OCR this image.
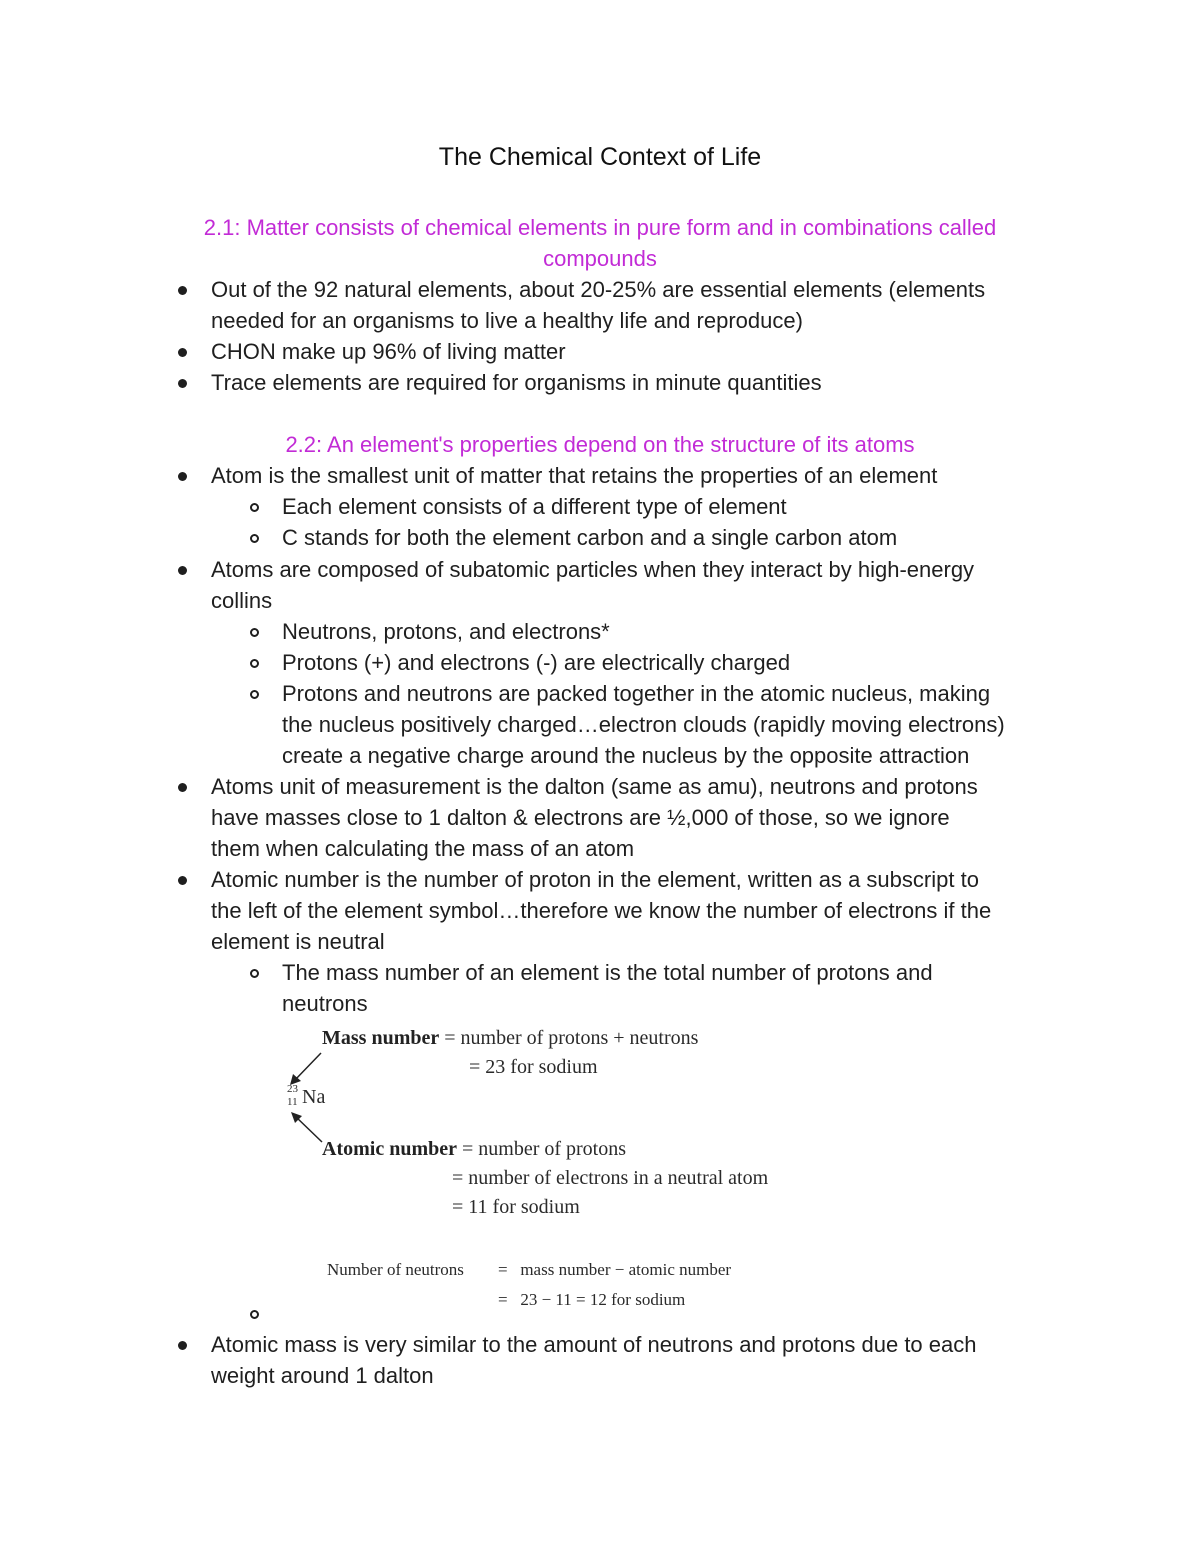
The Chemical Context of Life
2.1: Matter consists of chemical elements in pure form and in combinations called
compounds
Out of the 92 natural elements, about 20-25% are essential elements (elements
needed for an organisms to live a healthy life and reproduce)
CHON make up 96% of living matter
Trace elements are required for organisms in minute quantities
2.2: An element's properties depend on the structure of its atoms
Atom is the smallest unit of matter that retains the properties of an element
Each element consists of a different type of element
C stands for both the element carbon and a single carbon atom
Atoms are composed of subatomic particles when they interact by high-energy
collins
Neutrons, protons, and electrons*
Protons (+) and electrons (-) are electrically charged
Protons and neutrons are packed together in the atomic nucleus, making
the nucleus positively charged…electron clouds (rapidly moving electrons)
create a negative charge around the nucleus by the opposite attraction
Atoms unit of measurement is the dalton (same as amu), neutrons and protons
have masses close to 1 dalton & electrons are ½,000 of those, so we ignore
them when calculating the mass of an atom
Atomic number is the number of proton in the element, written as a subscript to
the left of the element symbol…therefore we know the number of electrons if the
element is neutral
The mass number of an element is the total number of protons and
neutrons
Mass number = number of protons + neutrons
= 23 for sodium
23
11 Na
Atomic number = number of protons
= number of electrons in a neutral atom
= 11 for sodium
Number of neutrons =   mass number − atomic number
=   23 − 11 = 12 for sodium
Atomic mass is very similar to the amount of neutrons and protons due to each
weight around 1 dalton
